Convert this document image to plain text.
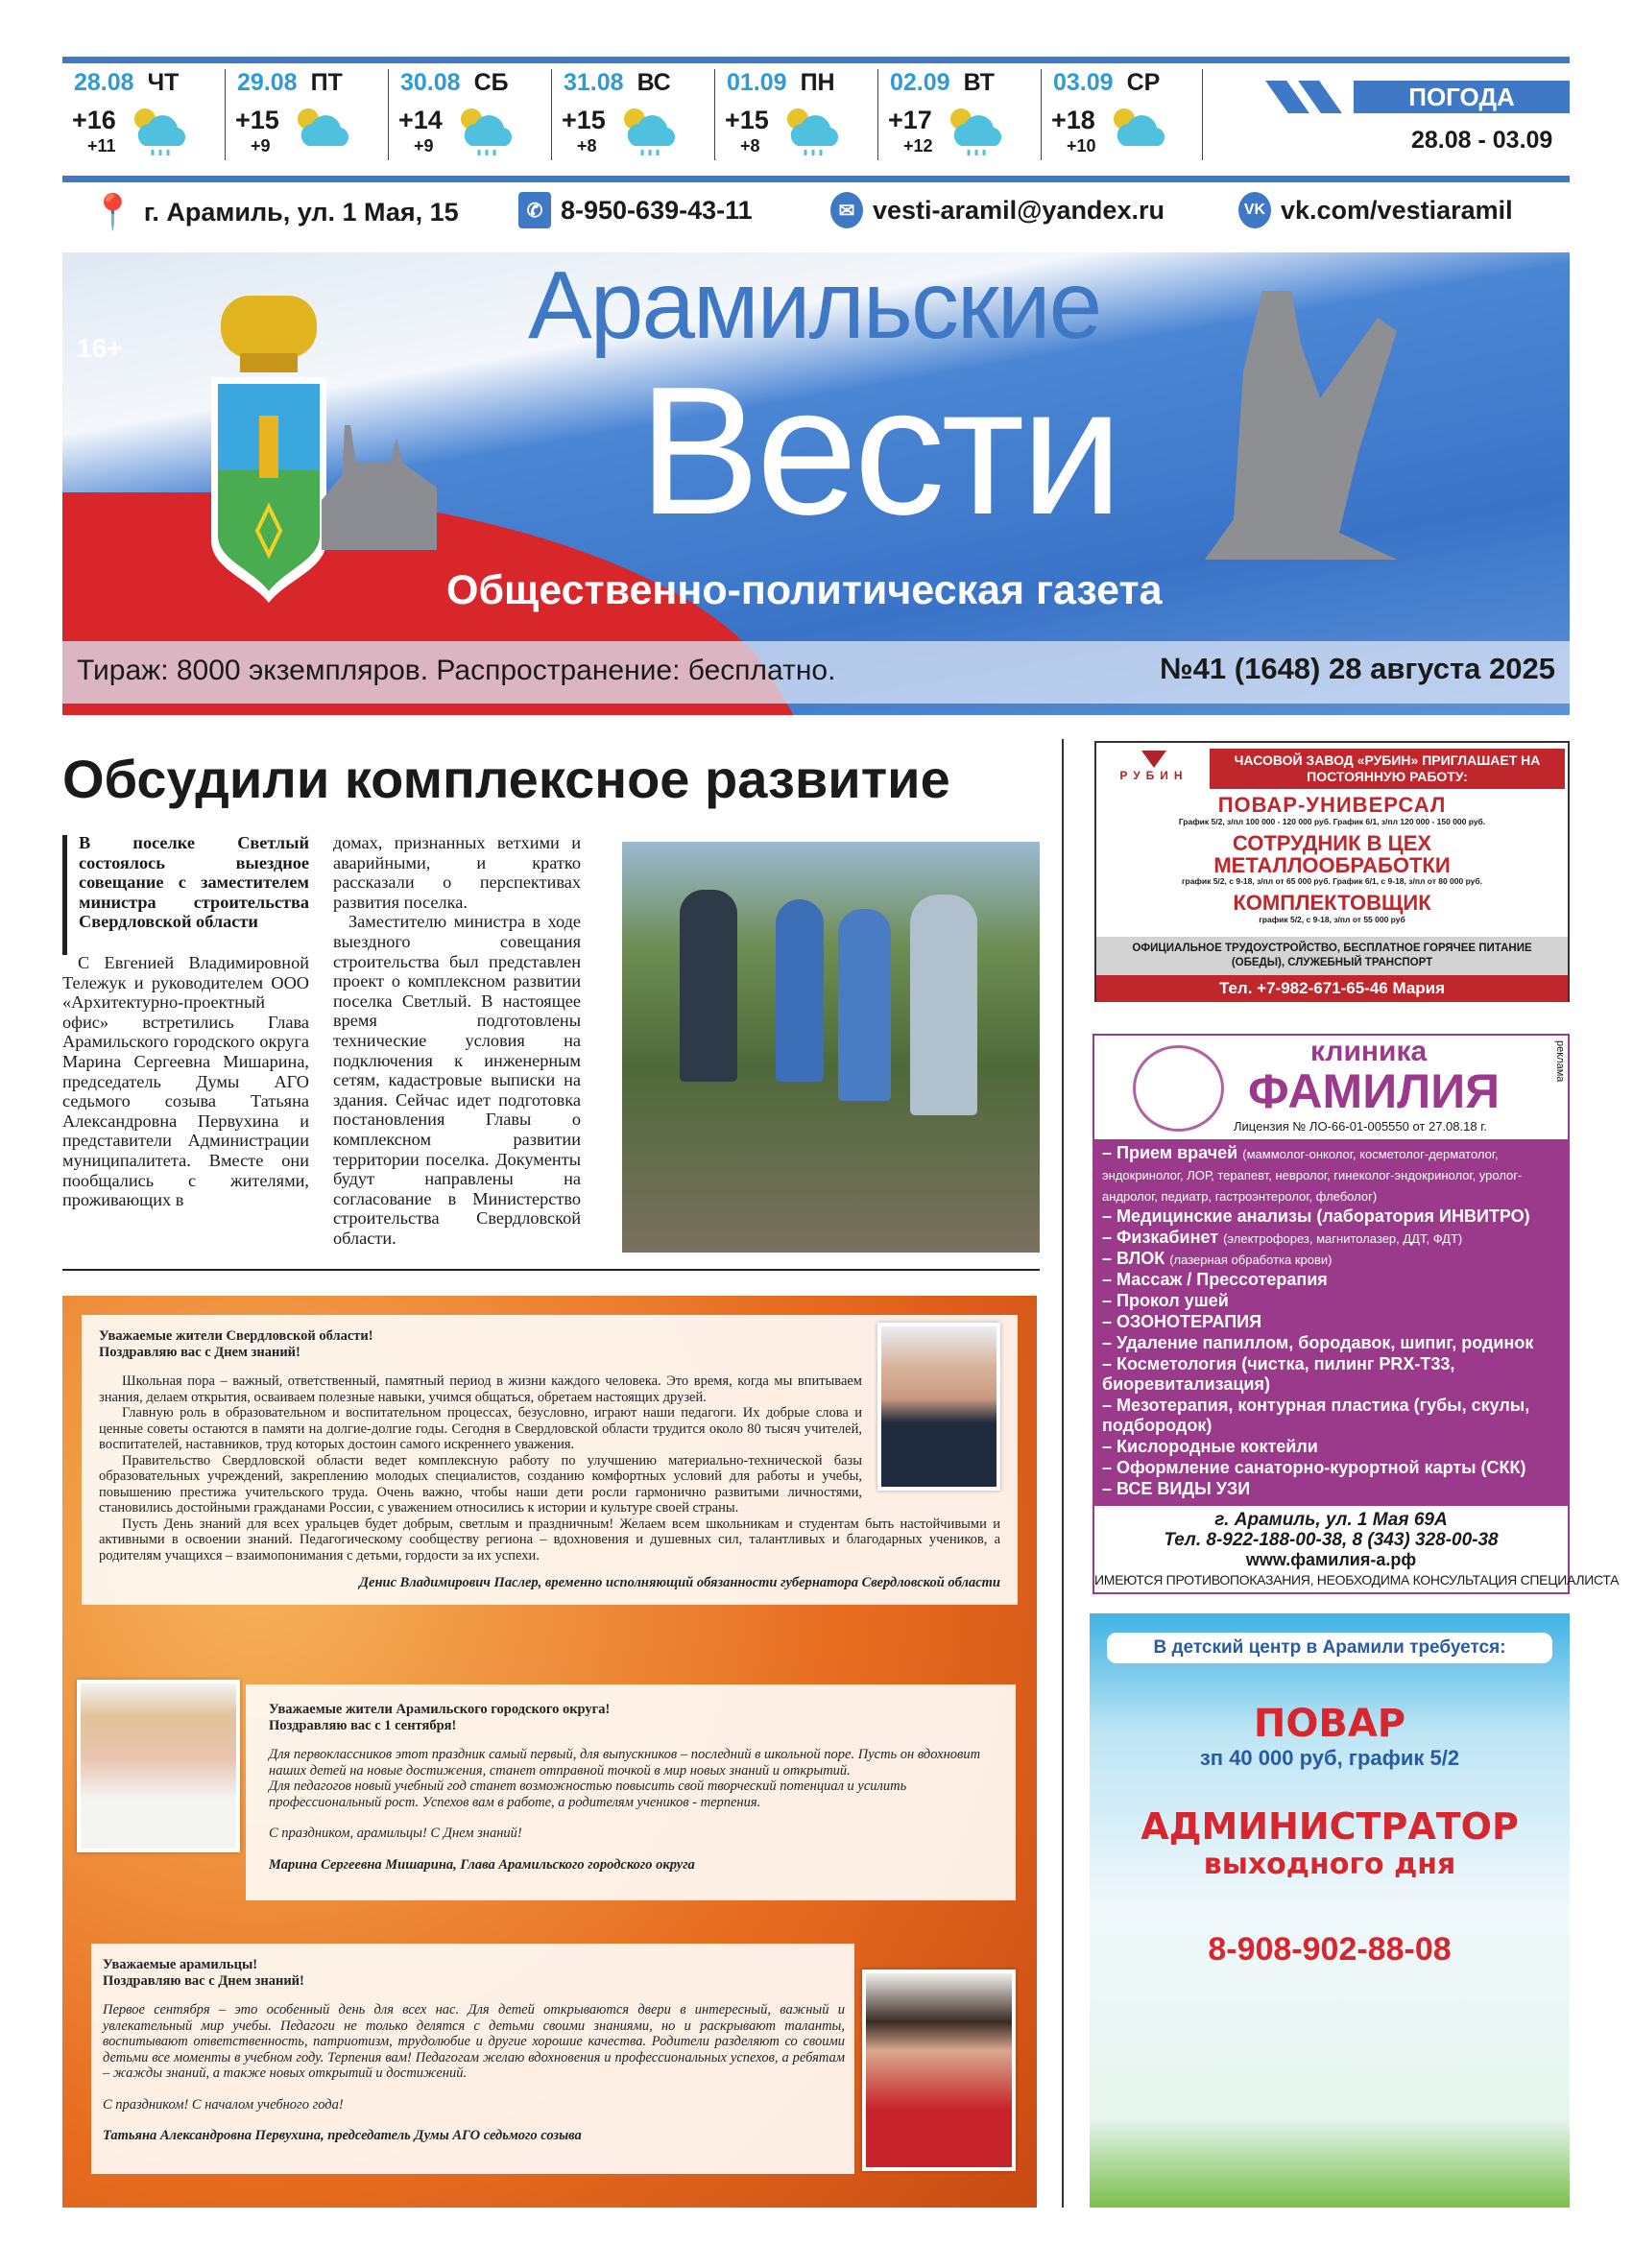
28.08 ЧТ
+16
+11
29.08 ПТ
+15
+9
30.08 СБ
+14
+9
31.08 ВС
+15
+8
01.09 ПН
+15
+8
02.09 ВТ
+17
+12
03.09 СР
+18
+10
ПОГОДА
28.08 - 03.09
📍 г. Арамиль, ул. 1 Мая, 15	✆ 8-950-639-43-11	✉ vesti-aramil@yandex.ru	VK vk.com/vestiaramil
16+	Арамильские
Вести
Общественно-политическая газета
Тираж: 8000 экземпляров. Распространение: бесплатно.	№41 (1648) 28 августа 2025
Обсудили комплексное развитие
В поселке Светлый состоялось выездное совещание с заместителем министра строительства Свердловской области
С Евгенией Владимировной Тележук и руководителем ООО «Архитектурно-проектный офис» встретились Глава Арамильского городского округа Марина Сергеевна Мишарина, председатель Думы АГО седьмого созыва Татьяна Александровна Первухина и представители Администрации муниципалитета. Вместе они пообщались с жителями, проживающих в
домах, признанных ветхими и аварийными, и кратко рассказали о перспективах развития поселка.
Заместителю министра в ходе выездного совещания строительства был представлен проект о комплексном развитии поселка Светлый. В настоящее время подготовлены технические условия на подключения к инженерным сетям, кадастровые выписки на здания. Сейчас идет подготовка постановления Главы о комплексном развитии территории поселка. Документы будут направлены на согласование в Министерство строительства Свердловской области.
Уважаемые жители Свердловской области!
Поздравляю вас с Днем знаний!

Школьная пора – важный, ответственный, памятный период в жизни каждого человека. Это время, когда мы впитываем знания, делаем открытия, осваиваем полезные навыки, учимся общаться, обретаем настоящих друзей.

Главную роль в образовательном и воспитательном процессах, безусловно, играют наши педагоги. Их добрые слова и ценные советы остаются в памяти на долгие-долгие годы. Сегодня в Свердловской области трудится около 80 тысяч учителей, воспитателей, наставников, труд которых достоин самого искреннего уважения.

Правительство Свердловской области ведет комплексную работу по улучшению материально-технической базы образовательных учреждений, закреплению молодых специалистов, созданию комфортных условий для работы и учебы, повышению престижа учительского труда. Очень важно, чтобы наши дети росли гармонично развитыми личностями, становились достойными гражданами России, с уважением относились к истории и культуре своей страны.

Пусть День знаний для всех уральцев будет добрым, светлым и праздничным! Желаем всем школьникам и студентам быть настойчивыми и активными в освоении знаний. Педагогическому сообществу региона – вдохновения и душевных сил, талантливых и благодарных учеников, а родителям учащихся – взаимопонимания с детьми, гордости за их успехи.

Денис Владимирович Паслер, временно исполняющий обязанности губернатора Свердловской области
Уважаемые жители Арамильского городского округа!
Поздравляю вас с 1 сентября!
Для первоклассников этот праздник самый первый, для выпускников – последний в школьной поре. Пусть он вдохновит наших детей на новые достижения, станет отправной точкой в мир новых знаний и открытий.
Для педагогов новый учебный год станет возможностью повысить свой творческий потенциал и усилить профессиональный рост. Успехов вам в работе, а родителям учеников - терпения.
С праздником, арамильцы! С Днем знаний!
Марина Сергеевна Мишарина, Глава Арамильского городского округа
Уважаемые арамильцы!
Поздравляю вас с Днем знаний!
Первое сентября – это особенный день для всех нас. Для детей открываются двери в интересный, важный и увлекательный мир учебы. Педагоги не только делятся с детьми своими знаниями, но и раскрывают таланты, воспитывают ответственность, патриотизм, трудолюбие и другие хорошие качества. Родители разделяют со своими детьми все моменты в учебном году. Терпения вам! Педагогам желаю вдохновения и профессиональных успехов, а ребятам – жажды знаний, а также новых открытий и достижений.
С праздником! С началом учебного года!
Татьяна Александровна Первухина, председатель Думы АГО седьмого созыва
РУБИН
ЧАСОВОЙ ЗАВОД «РУБИН» ПРИГЛАШАЕТ НА ПОСТОЯННУЮ РАБОТУ:
ПОВАР-УНИВЕРСАЛ
График 5/2, з/пл 100 000 - 120 000 руб. График 6/1, з/пл 120 000 - 150 000 руб.
СОТРУДНИК В ЦЕХ МЕТАЛЛООБРАБОТКИ
график 5/2, с 9-18, з/пл от 65 000 руб. График 6/1, с 9-18, з/пл от 80 000 руб.
КОМПЛЕКТОВЩИК
график 5/2, с 9-18, з/пл от 55 000 руб
ОФИЦИАЛЬНОЕ ТРУДОУСТРОЙСТВО, БЕСПЛАТНОЕ ГОРЯЧЕЕ ПИТАНИЕ (ОБЕДЫ), СЛУЖЕБНЫЙ ТРАНСПОРТ
Тел. +7-982-671-65-46 Мария
клиника
ФАМИЛИЯ
Лицензия № ЛО-66-01-005550 от 27.08.18 г.
реклама
– Прием врачей (маммолог-онколог, косметолог-дерматолог, эндокринолог, ЛОР, терапевт, невролог, гинеколог-эндокринолог, уролог-андролог, педиатр, гастроэнтеролог, флеболог)
– Медицинские анализы (лаборатория ИНВИТРО)
– Физкабинет (электрофорез, магнитолазер, ДДТ, ФДТ)
– ВЛОК (лазерная обработка крови)
– Массаж / Прессотерапия
– Прокол ушей
– ОЗОНОТЕРАПИЯ
– Удаление папиллом, бородавок, шипиг, родинок
– Косметология (чистка, пилинг PRX-T33, биоревитализация)
– Мезотерапия, контурная пластика (губы, скулы, подбородок)
– Кислородные коктейли
– Оформление санаторно-курортной карты (СКК)
– ВСЕ ВИДЫ УЗИ
г. Арамиль, ул. 1 Мая 69А
Тел. 8-922-188-00-38, 8 (343) 328-00-38
www.фамилия-а.рф
ИМЕЮТСЯ ПРОТИВОПОКАЗАНИЯ, НЕОБХОДИМА КОНСУЛЬТАЦИЯ СПЕЦИАЛИСТА
В детский центр в Арамили требуется:
ПОВАР
зп 40 000 руб, график 5/2
АДМИНИСТРАТОР
выходного дня
8-908-902-88-08
